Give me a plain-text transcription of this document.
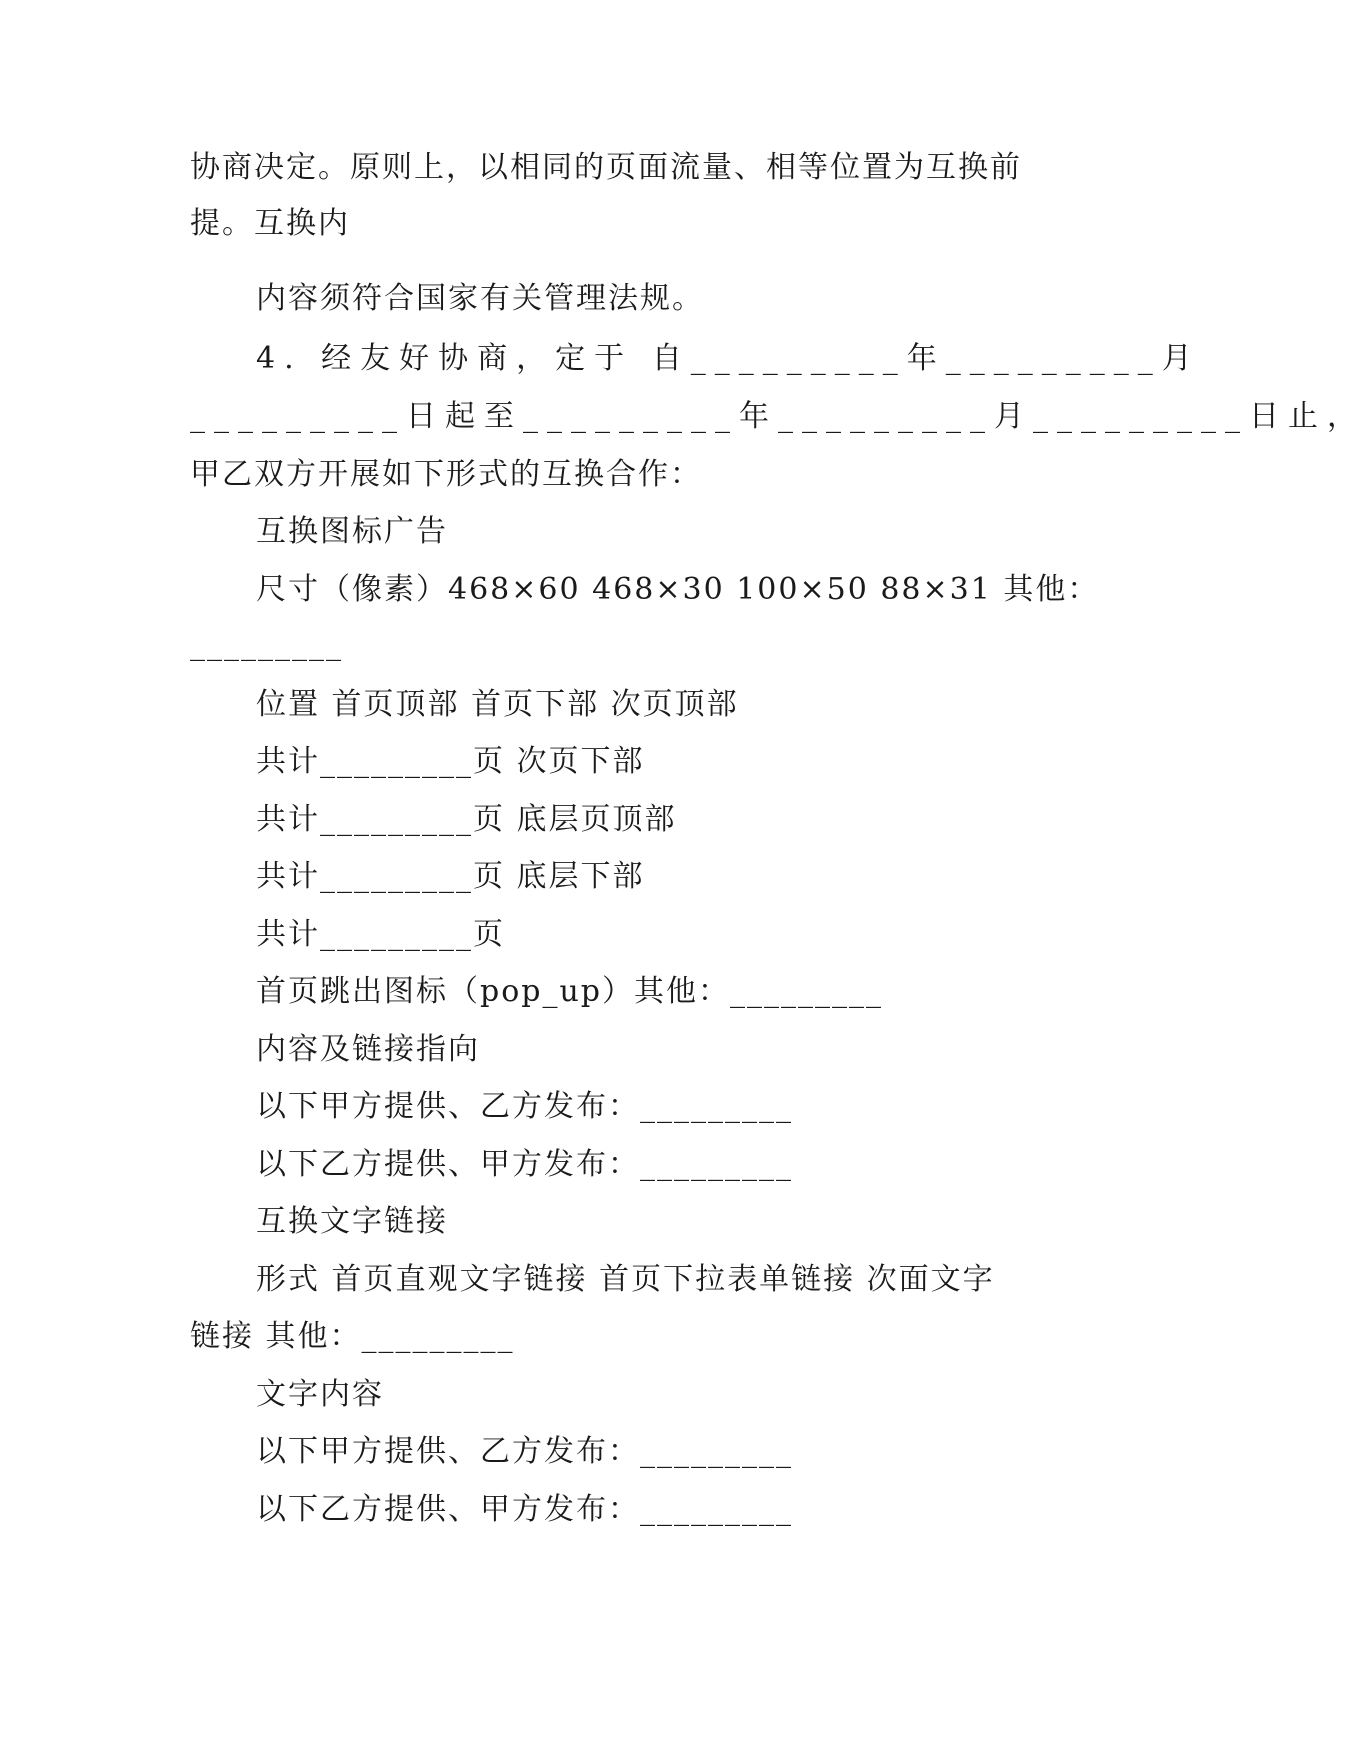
协商决定。原则上，以相同的页面流量、相等位置为互换前
提。互换内
内容须符合国家有关管理法规。
4. 经友好协商，定于 自_________年_________月
_________日起至_________年_________月_________日止，
甲乙双方开展如下形式的互换合作：
互换图标广告
尺寸（像素）468×60 468×30 100×50 88×31 其他：
_________
位置 首页顶部 首页下部 次页顶部
共计_________页 次页下部
共计_________页 底层页顶部
共计_________页 底层下部
共计_________页
首页跳出图标（pop_up）其他：_________
内容及链接指向
以下甲方提供、乙方发布：_________
以下乙方提供、甲方发布：_________
互换文字链接
形式 首页直观文字链接 首页下拉表单链接 次面文字
链接 其他：_________
文字内容
以下甲方提供、乙方发布：_________
以下乙方提供、甲方发布：_________
